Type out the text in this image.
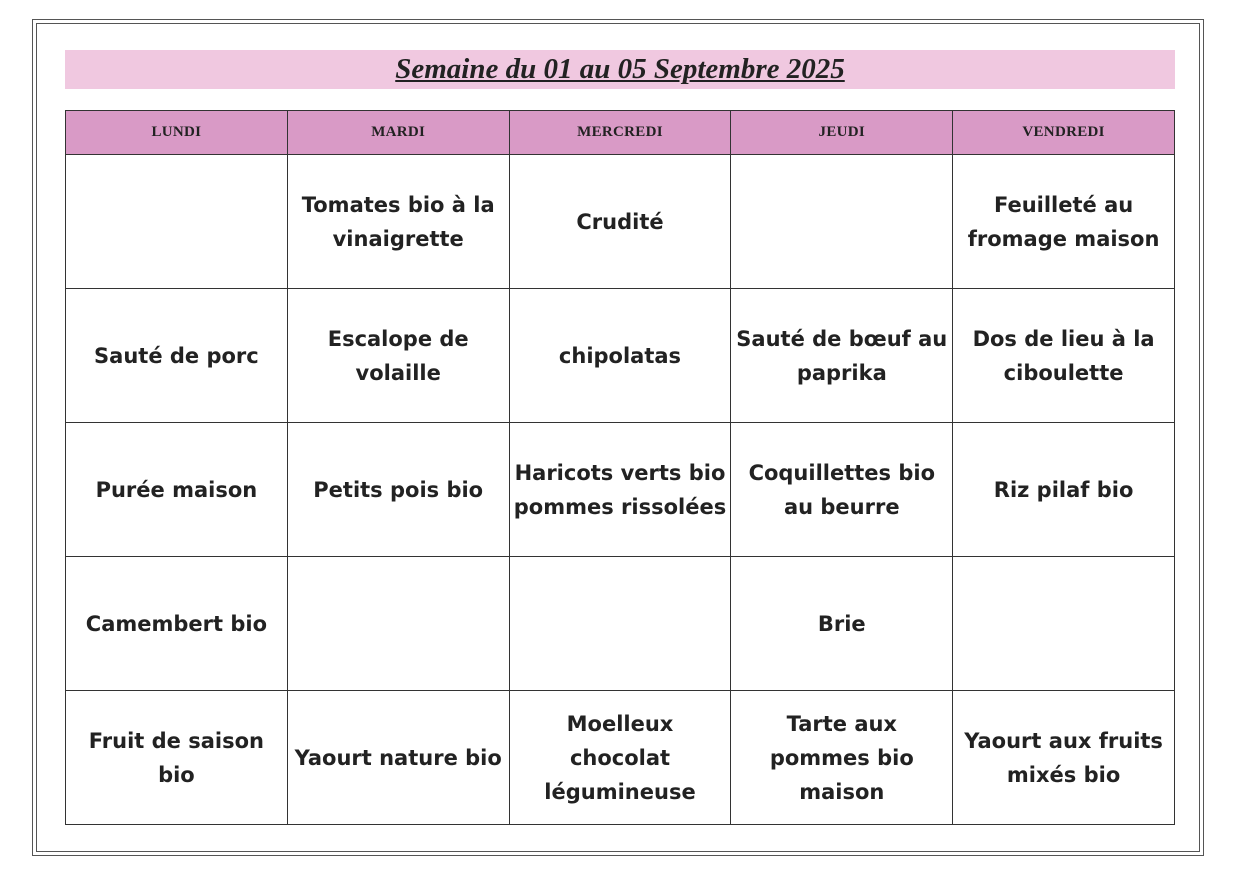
Semaine du 01 au 05 Septembre 2025
LUNDI	MARDI	MERCREDI	JEUDI	VENDREDI
	Tomates bio à la vinaigrette	Crudité		Feuilleté au fromage maison
Sauté de porc	Escalope de volaille	chipolatas	Sauté de bœuf au paprika	Dos de lieu à la ciboulette
Purée maison	Petits pois bio	Haricots verts bio pommes rissolées	Coquillettes bio au beurre	Riz pilaf bio
Camembert bio			Brie	
Fruit de saison bio	Yaourt nature bio	Moelleux chocolat légumineuse	Tarte aux pommes bio maison	Yaourt aux fruits mixés bio
